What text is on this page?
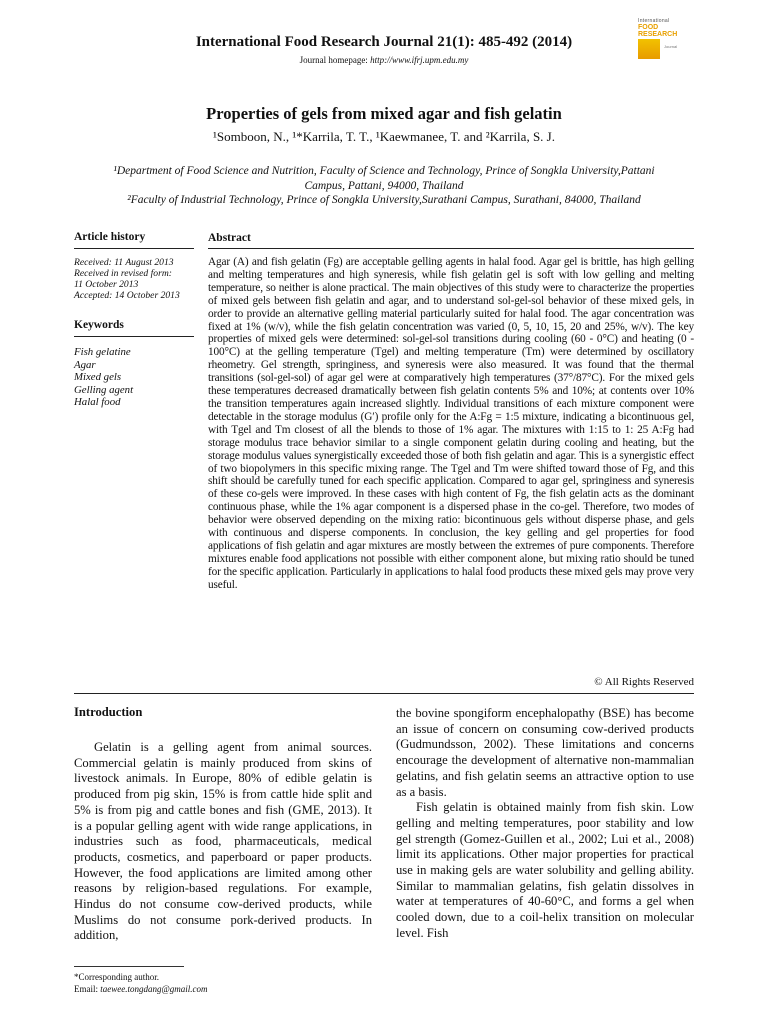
International Food Research Journal 21(1): 485-492 (2014)
Journal homepage: http://www.ifrj.upm.edu.my
International
FOOD RESEARCH
Journal
Properties of gels from mixed agar and fish gelatin
¹Somboon, N., ¹*Karrila, T. T., ¹Kaewmanee, T. and ²Karrila, S. J.
¹Department of Food Science and Nutrition, Faculty of Science and Technology, Prince of Songkla University,Pattani Campus, Pattani, 94000, Thailand
²Faculty of Industrial Technology, Prince of Songkla University,Surathani Campus, Surathani, 84000, Thailand
Article history
Received: 11 August 2013
Received in revised form:
11 October 2013
Accepted: 14 October 2013
Keywords
Fish gelatine
Agar
Mixed gels
Gelling agent
Halal food
Abstract
Agar (A) and fish gelatin (Fg) are acceptable gelling agents in halal food. Agar gel is brittle, has high gelling and melting temperatures and high syneresis, while fish gelatin gel is soft with low gelling and melting temperature, so neither is alone practical. The main objectives of this study were to characterize the properties of mixed gels between fish gelatin and agar, and to understand sol-gel-sol behavior of these mixed gels, in order to provide an alternative gelling material particularly suited for halal food. The agar concentration was fixed at 1% (w/v), while the fish gelatin concentration was varied (0, 5, 10, 15, 20 and 25%, w/v). The key properties of mixed gels were determined: sol-gel-sol transitions during cooling (60 - 0°C) and heating (0 - 100°C) at the gelling temperature (Tgel) and melting temperature (Tm) were determined by oscillatory rheometry. Gel strength, springiness, and syneresis were also measured. It was found that the thermal transitions (sol-gel-sol) of agar gel were at comparatively high temperatures (37°/87°C). For the mixed gels these temperatures decreased dramatically between fish gelatin contents 5% and 10%; at contents over 10% the transition temperatures again increased slightly. Individual transitions of each mixture component were detectable in the storage modulus (G′) profile only for the A:Fg = 1:5 mixture, indicating a bicontinuous gel, with Tgel and Tm closest of all the blends to those of 1% agar. The mixtures with 1:15 to 1: 25 A:Fg had storage modulus trace behavior similar to a single component gelatin during cooling and heating, but the storage modulus values synergistically exceeded those of both fish gelatin and agar. This is a synergistic effect of two biopolymers in this specific mixing range. The Tgel and Tm were shifted toward those of Fg, and this shift should be carefully tuned for each specific application. Compared to agar gel, springiness and syneresis of these co-gels were improved. In these cases with high content of Fg, the fish gelatin acts as the dominant continuous phase, while the 1% agar component is a dispersed phase in the co-gel. Therefore, two modes of behavior were observed depending on the mixing ratio: bicontinuous gels without disperse phase, and gels with continuous and disperse components. In conclusion, the key gelling and gel properties for food applications of fish gelatin and agar mixtures are mostly between the extremes of pure components. Therefore mixtures enable food applications not possible with either component alone, but mixing ratio should be tuned for the specific application. Particularly in applications to halal food products these mixed gels may prove very useful.
© All Rights Reserved
Introduction
Gelatin is a gelling agent from animal sources. Commercial gelatin is mainly produced from skins of livestock animals. In Europe, 80% of edible gelatin is produced from pig skin, 15% is from cattle hide split and 5% is from pig and cattle bones and fish (GME, 2013). It is a popular gelling agent with wide range applications, in industries such as food, pharmaceuticals, medical products, cosmetics, and paperboard or paper products. However, the food applications are limited among other reasons by religion-based regulations. For example, Hindus do not consume cow-derived products, while Muslims do not consume pork-derived products. In addition,

the bovine spongiform encephalopathy (BSE) has become an issue of concern on consuming cow-derived products (Gudmundsson, 2002). These limitations and concerns encourage the development of alternative non-mammalian gelatins, and fish gelatin seems an attractive option to use as a basis.

Fish gelatin is obtained mainly from fish skin. Low gelling and melting temperatures, poor stability and low gel strength (Gomez-Guillen et al., 2002; Lui et al., 2008) limit its applications. Other major properties for practical use in making gels are water solubility and gelling ability. Similar to mammalian gelatins, fish gelatin dissolves in water at temperatures of 40-60°C, and forms a gel when cooled down, due to a coil-helix transition on molecular level. Fish

*Corresponding author.
Email: taewee.tongdang@gmail.com
